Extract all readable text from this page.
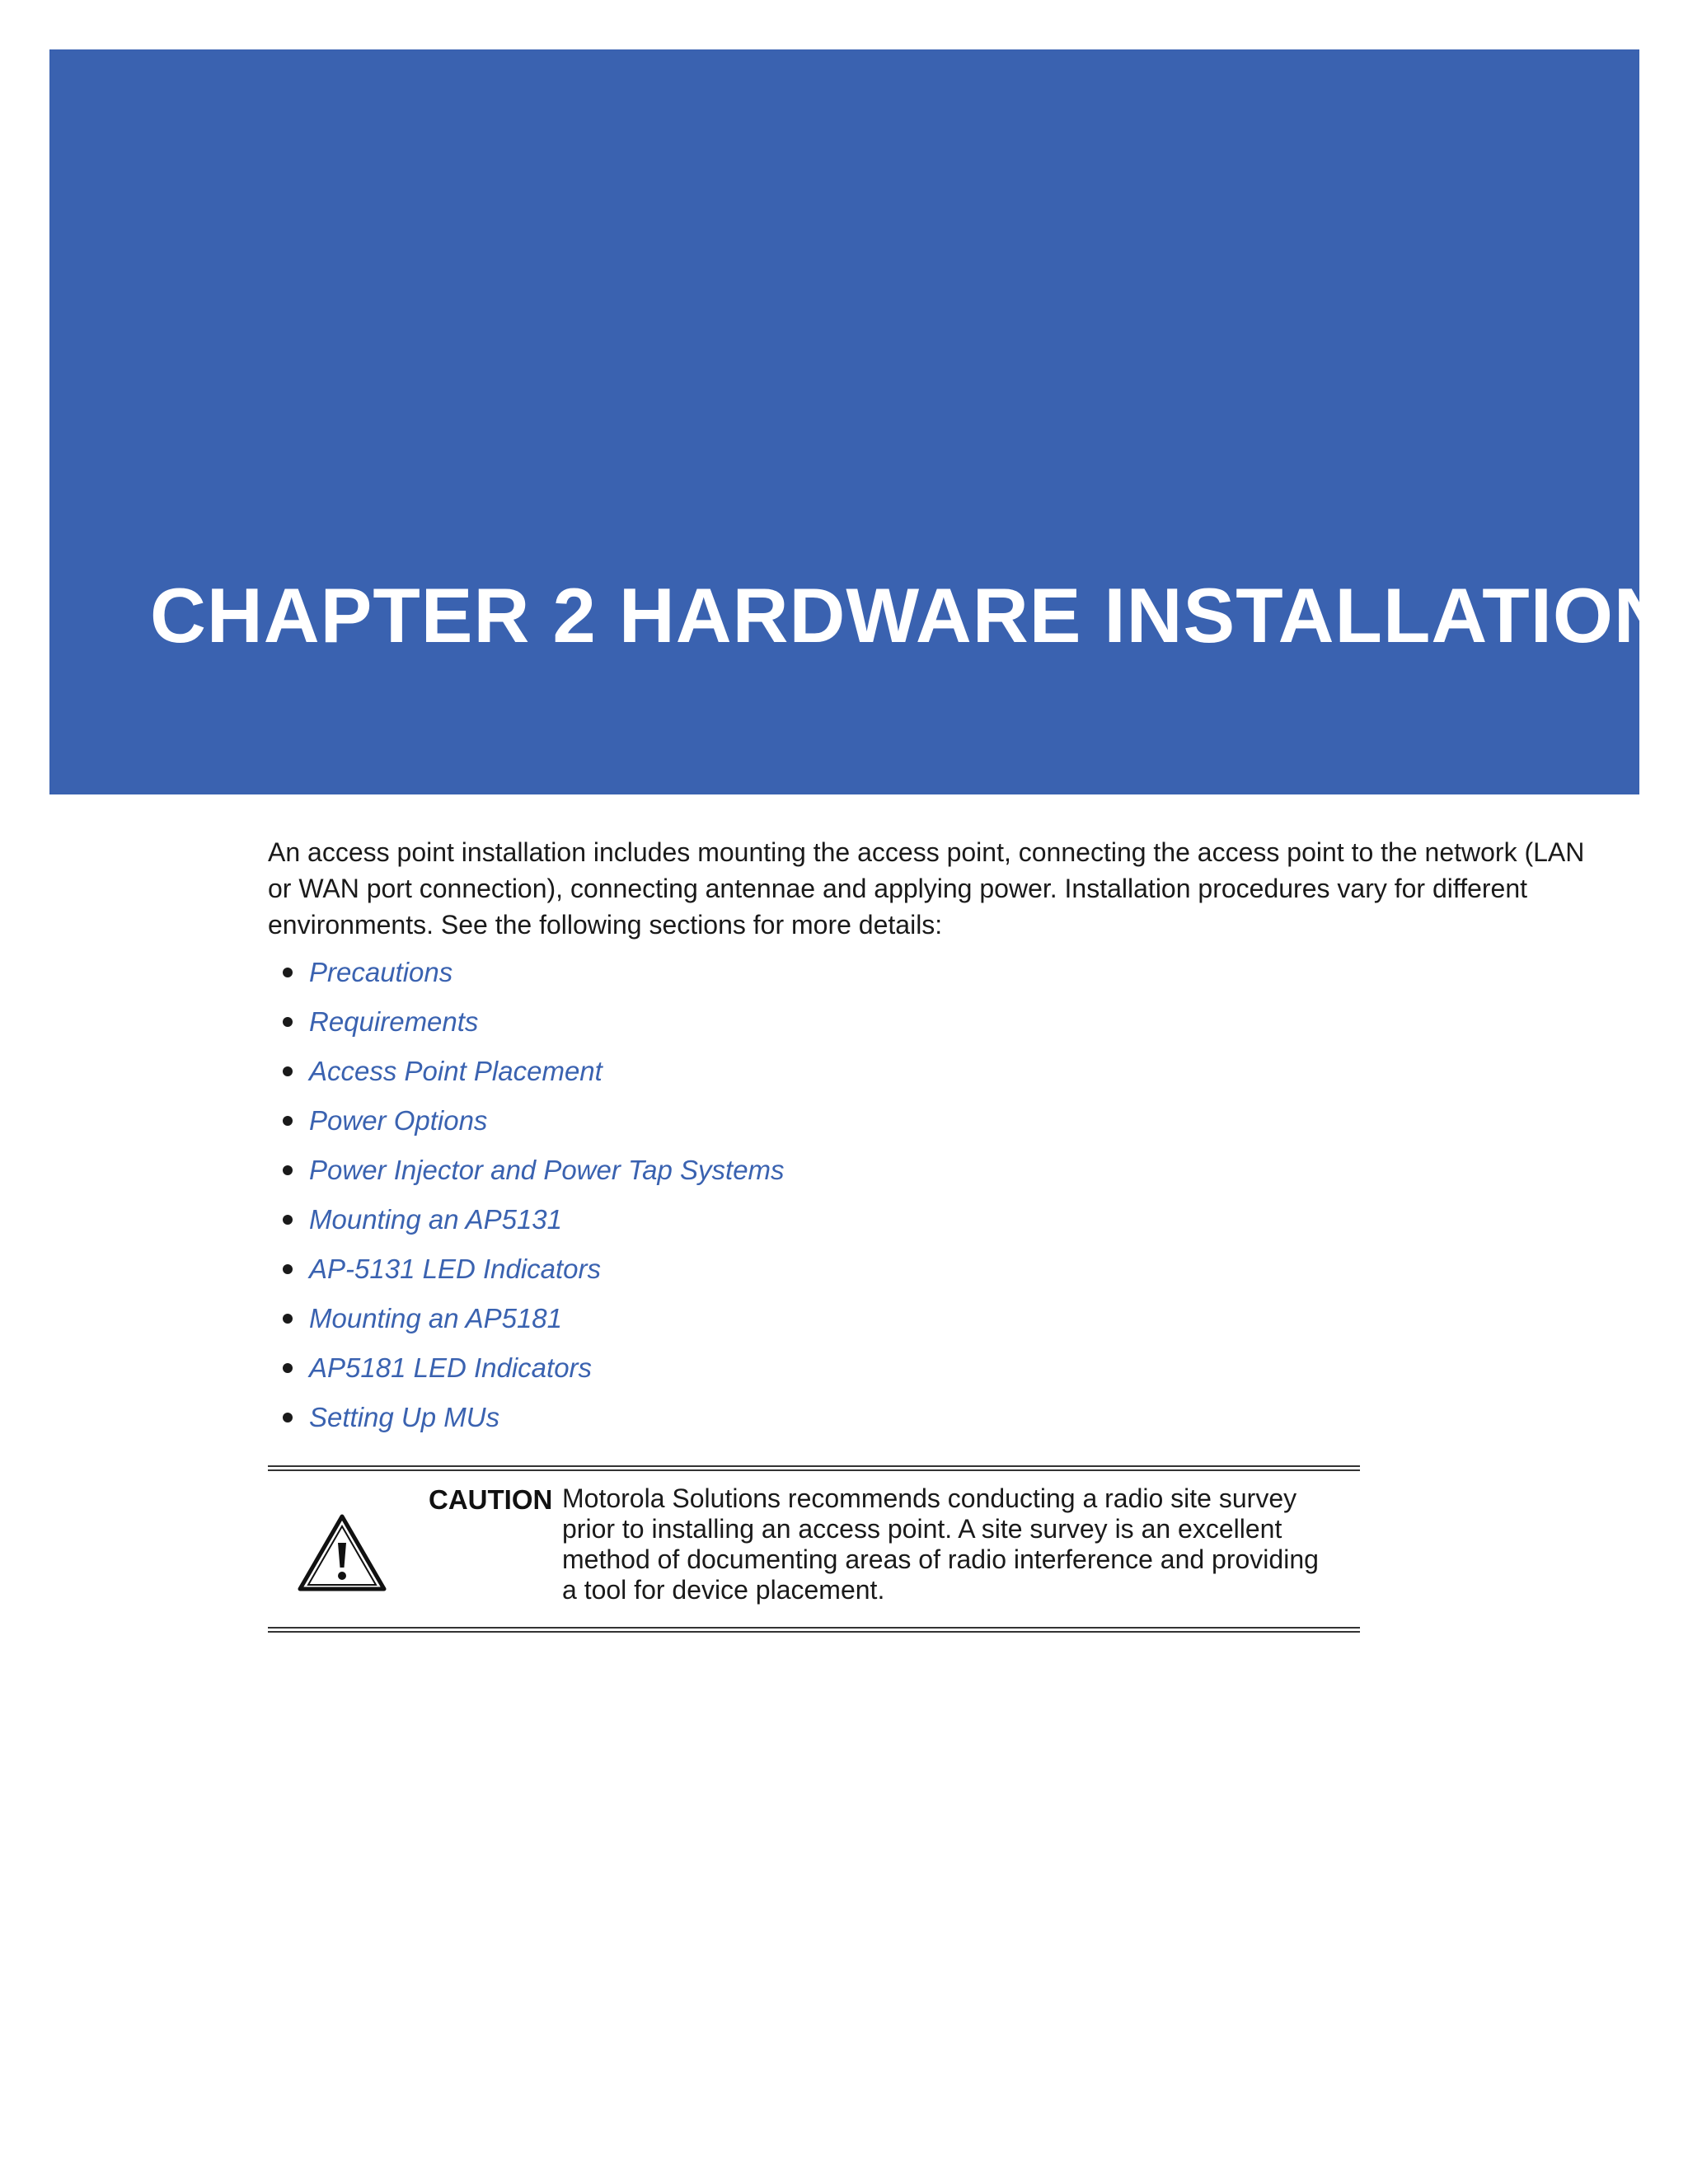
CHAPTER 2 HARDWARE INSTALLATION

An access point installation includes mounting the access point, connecting the access point to the network (LAN or WAN port connection), connecting antennae and applying power. Installation procedures vary for different environments. See the following sections for more details:

Precautions
Requirements
Access Point Placement
Power Options
Power Injector and Power Tap Systems
Mounting an AP5131
AP-5131 LED Indicators
Mounting an AP5181
AP5181 LED Indicators
Setting Up MUs
CAUTION Motorola Solutions recommends conducting a radio site survey prior to installing an access point. A site survey is an excellent method of documenting areas of radio interference and providing a tool for device placement.
